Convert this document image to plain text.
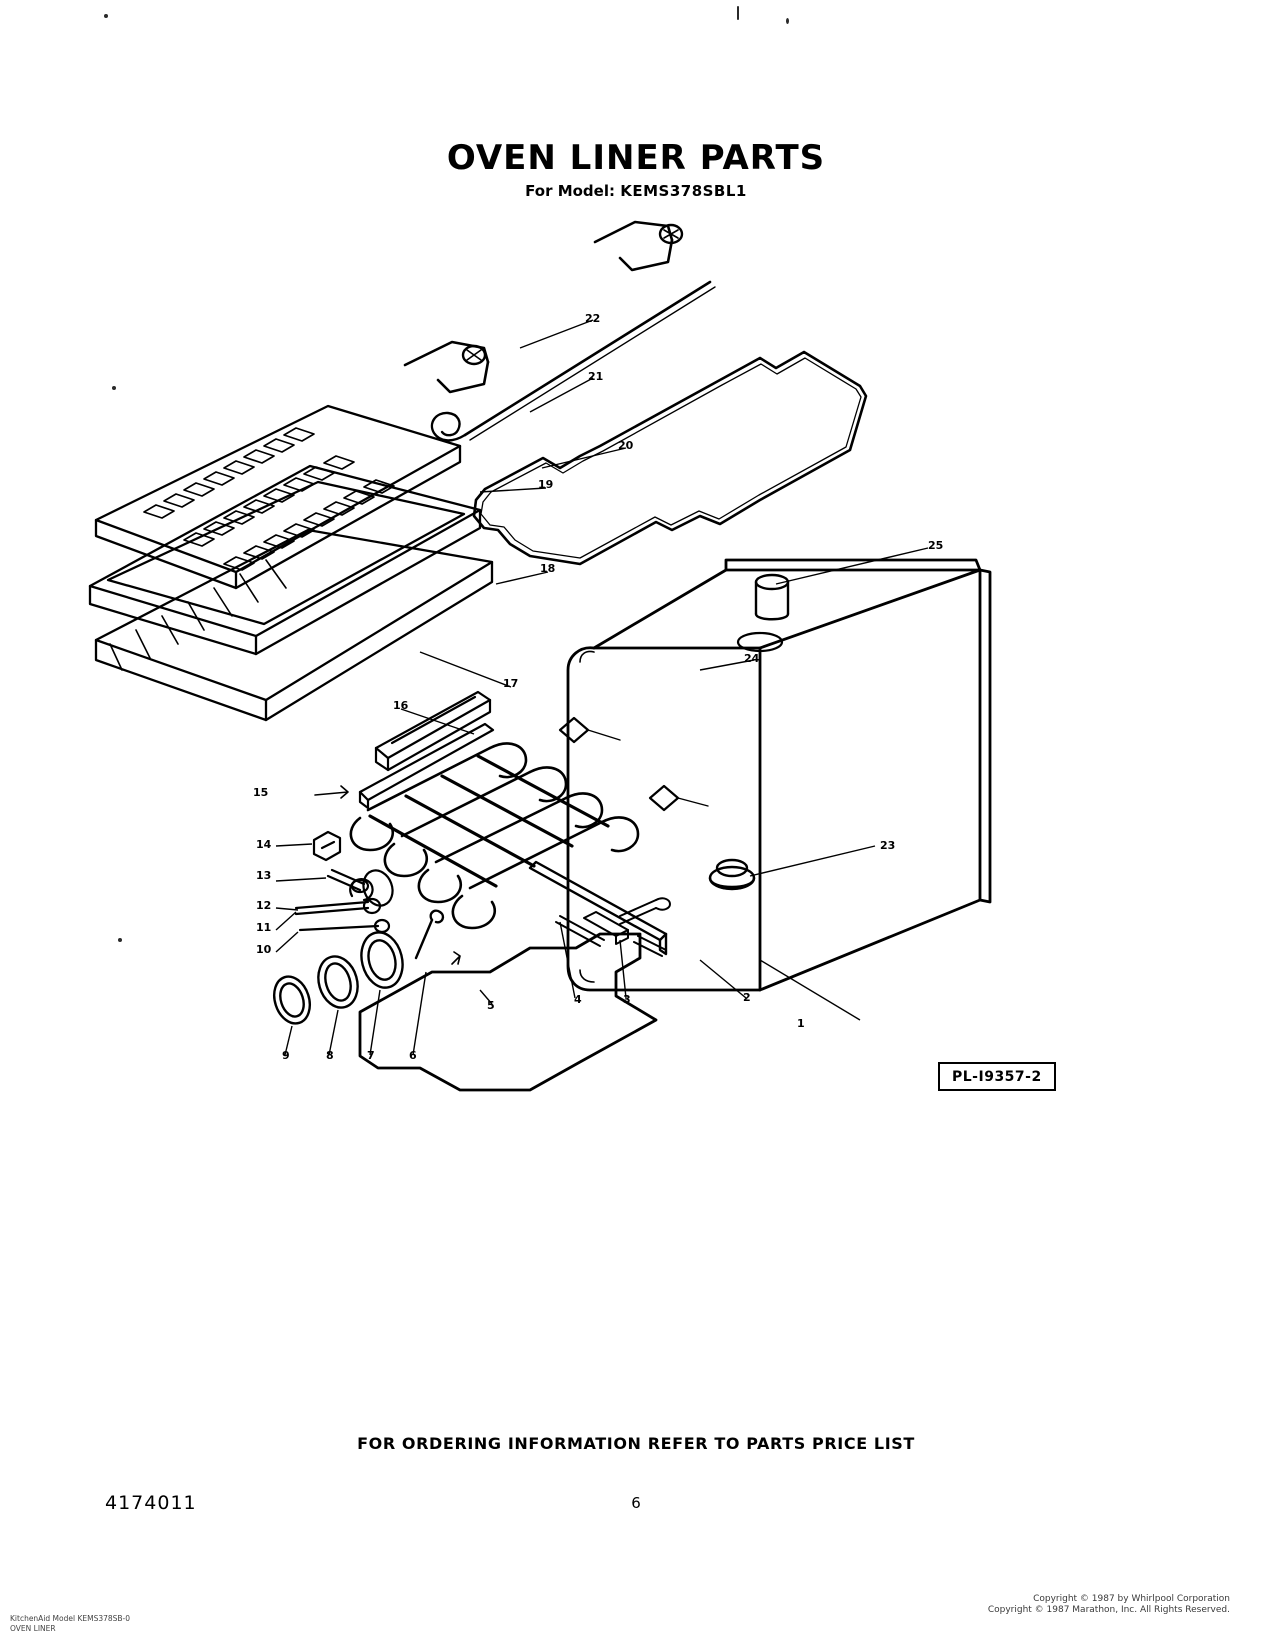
OVEN LINER PARTS
For Model: KEMS378SBL1
22
21
20
19
18
17
16
15
14
13
12
11
10
9	8	7	6
5	4	3	2
1
23
24
25
PL-I9357-2
FOR ORDERING INFORMATION REFER TO PARTS PRICE LIST
4174011	6
Copyright © 1987 by Whirlpool Corporation
Copyright © 1987 Marathon, Inc. All Rights Reserved.
KitchenAid Model KEMS378SB-0
OVEN LINER
